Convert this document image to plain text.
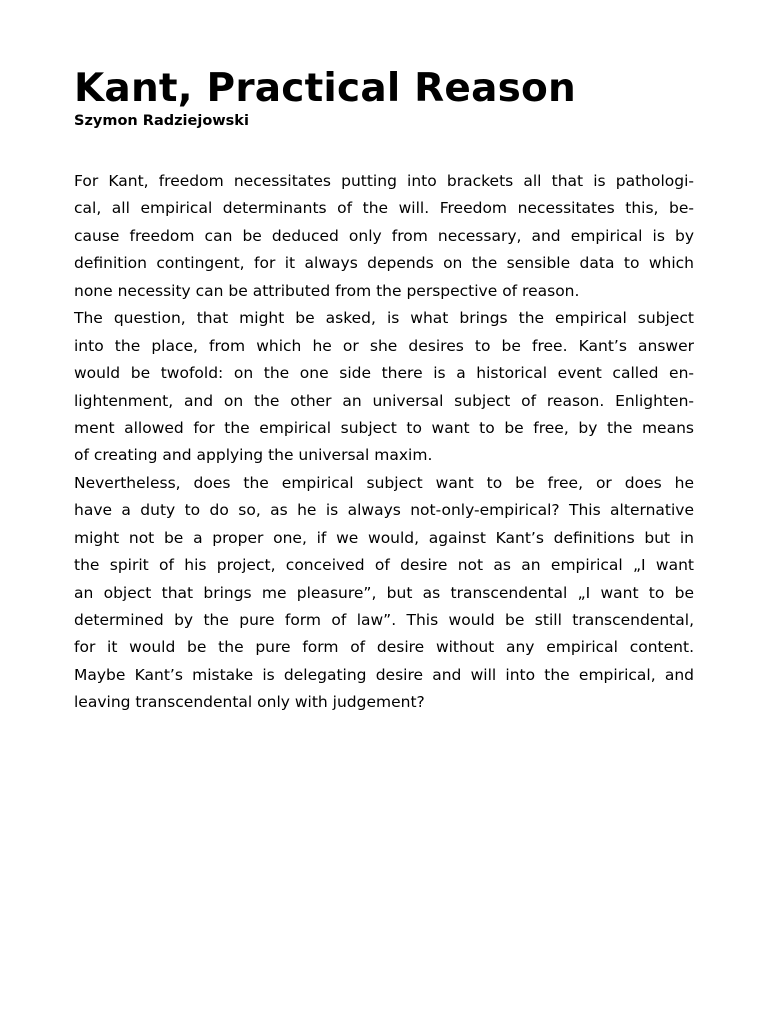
Kant, Practical Reason
Szymon Radziejowski
For Kant, freedom necessitates putting into brackets all that is pathologi-
cal, all empirical determinants of the will. Freedom necessitates this, be-
cause freedom can be deduced only from necessary, and empirical is by
definition contingent, for it always depends on the sensible data to which
none necessity can be attributed from the perspective of reason.
The question, that might be asked, is what brings the empirical subject
into the place, from which he or she desires to be free. Kant’s answer
would be twofold: on the one side there is a historical event called en-
lightenment, and on the other an universal subject of reason. Enlighten-
ment allowed for the empirical subject to want to be free, by the means
of creating and applying the universal maxim.
Nevertheless, does the empirical subject want to be free, or does he
have a duty to do so, as he is always not-only-empirical? This alternative
might not be a proper one, if we would, against Kant’s definitions but in
the spirit of his project, conceived of desire not as an empirical „I want
an object that brings me pleasure”, but as transcendental „I want to be
determined by the pure form of law”. This would be still transcendental,
for it would be the pure form of desire without any empirical content.
Maybe Kant’s mistake is delegating desire and will into the empirical, and
leaving transcendental only with judgement?
